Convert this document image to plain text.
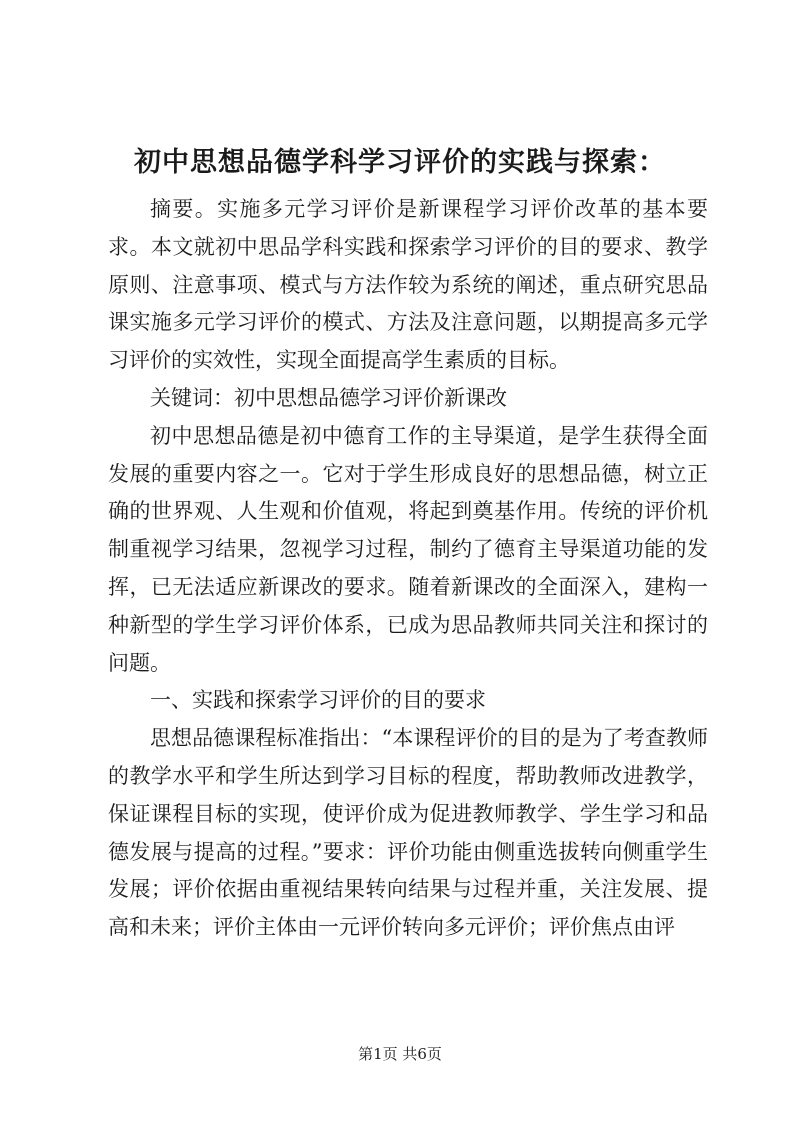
初中思想品德学科学习评价的实践与探索：

摘要。实施多元学习评价是新课程学习评价改革的基本要求。本文就初中思品学科实践和探索学习评价的目的要求、教学原则、注意事项、模式与方法作较为系统的阐述，重点研究思品课实施多元学习评价的模式、方法及注意问题，以期提高多元学习评价的实效性，实现全面提高学生素质的目标。

关键词：初中思想品德学习评价新课改

初中思想品德是初中德育工作的主导渠道，是学生获得全面发展的重要内容之一。它对于学生形成良好的思想品德，树立正确的世界观、人生观和价值观，将起到奠基作用。传统的评价机制重视学习结果，忽视学习过程，制约了德育主导渠道功能的发挥，已无法适应新课改的要求。随着新课改的全面深入，建构一种新型的学生学习评价体系，已成为思品教师共同关注和探讨的问题。

一、实践和探索学习评价的目的要求

思想品德课程标准指出：“本课程评价的目的是为了考查教师的教学水平和学生所达到学习目标的程度，帮助教师改进教学，保证课程目标的实现，使评价成为促进教师教学、学生学习和品德发展与提高的过程。”要求：评价功能由侧重选拔转向侧重学生发展；评价依据由重视结果转向结果与过程并重，关注发展、提高和未来；评价主体由一元评价转向多元评价；评价焦点由评

第1页 共6页
